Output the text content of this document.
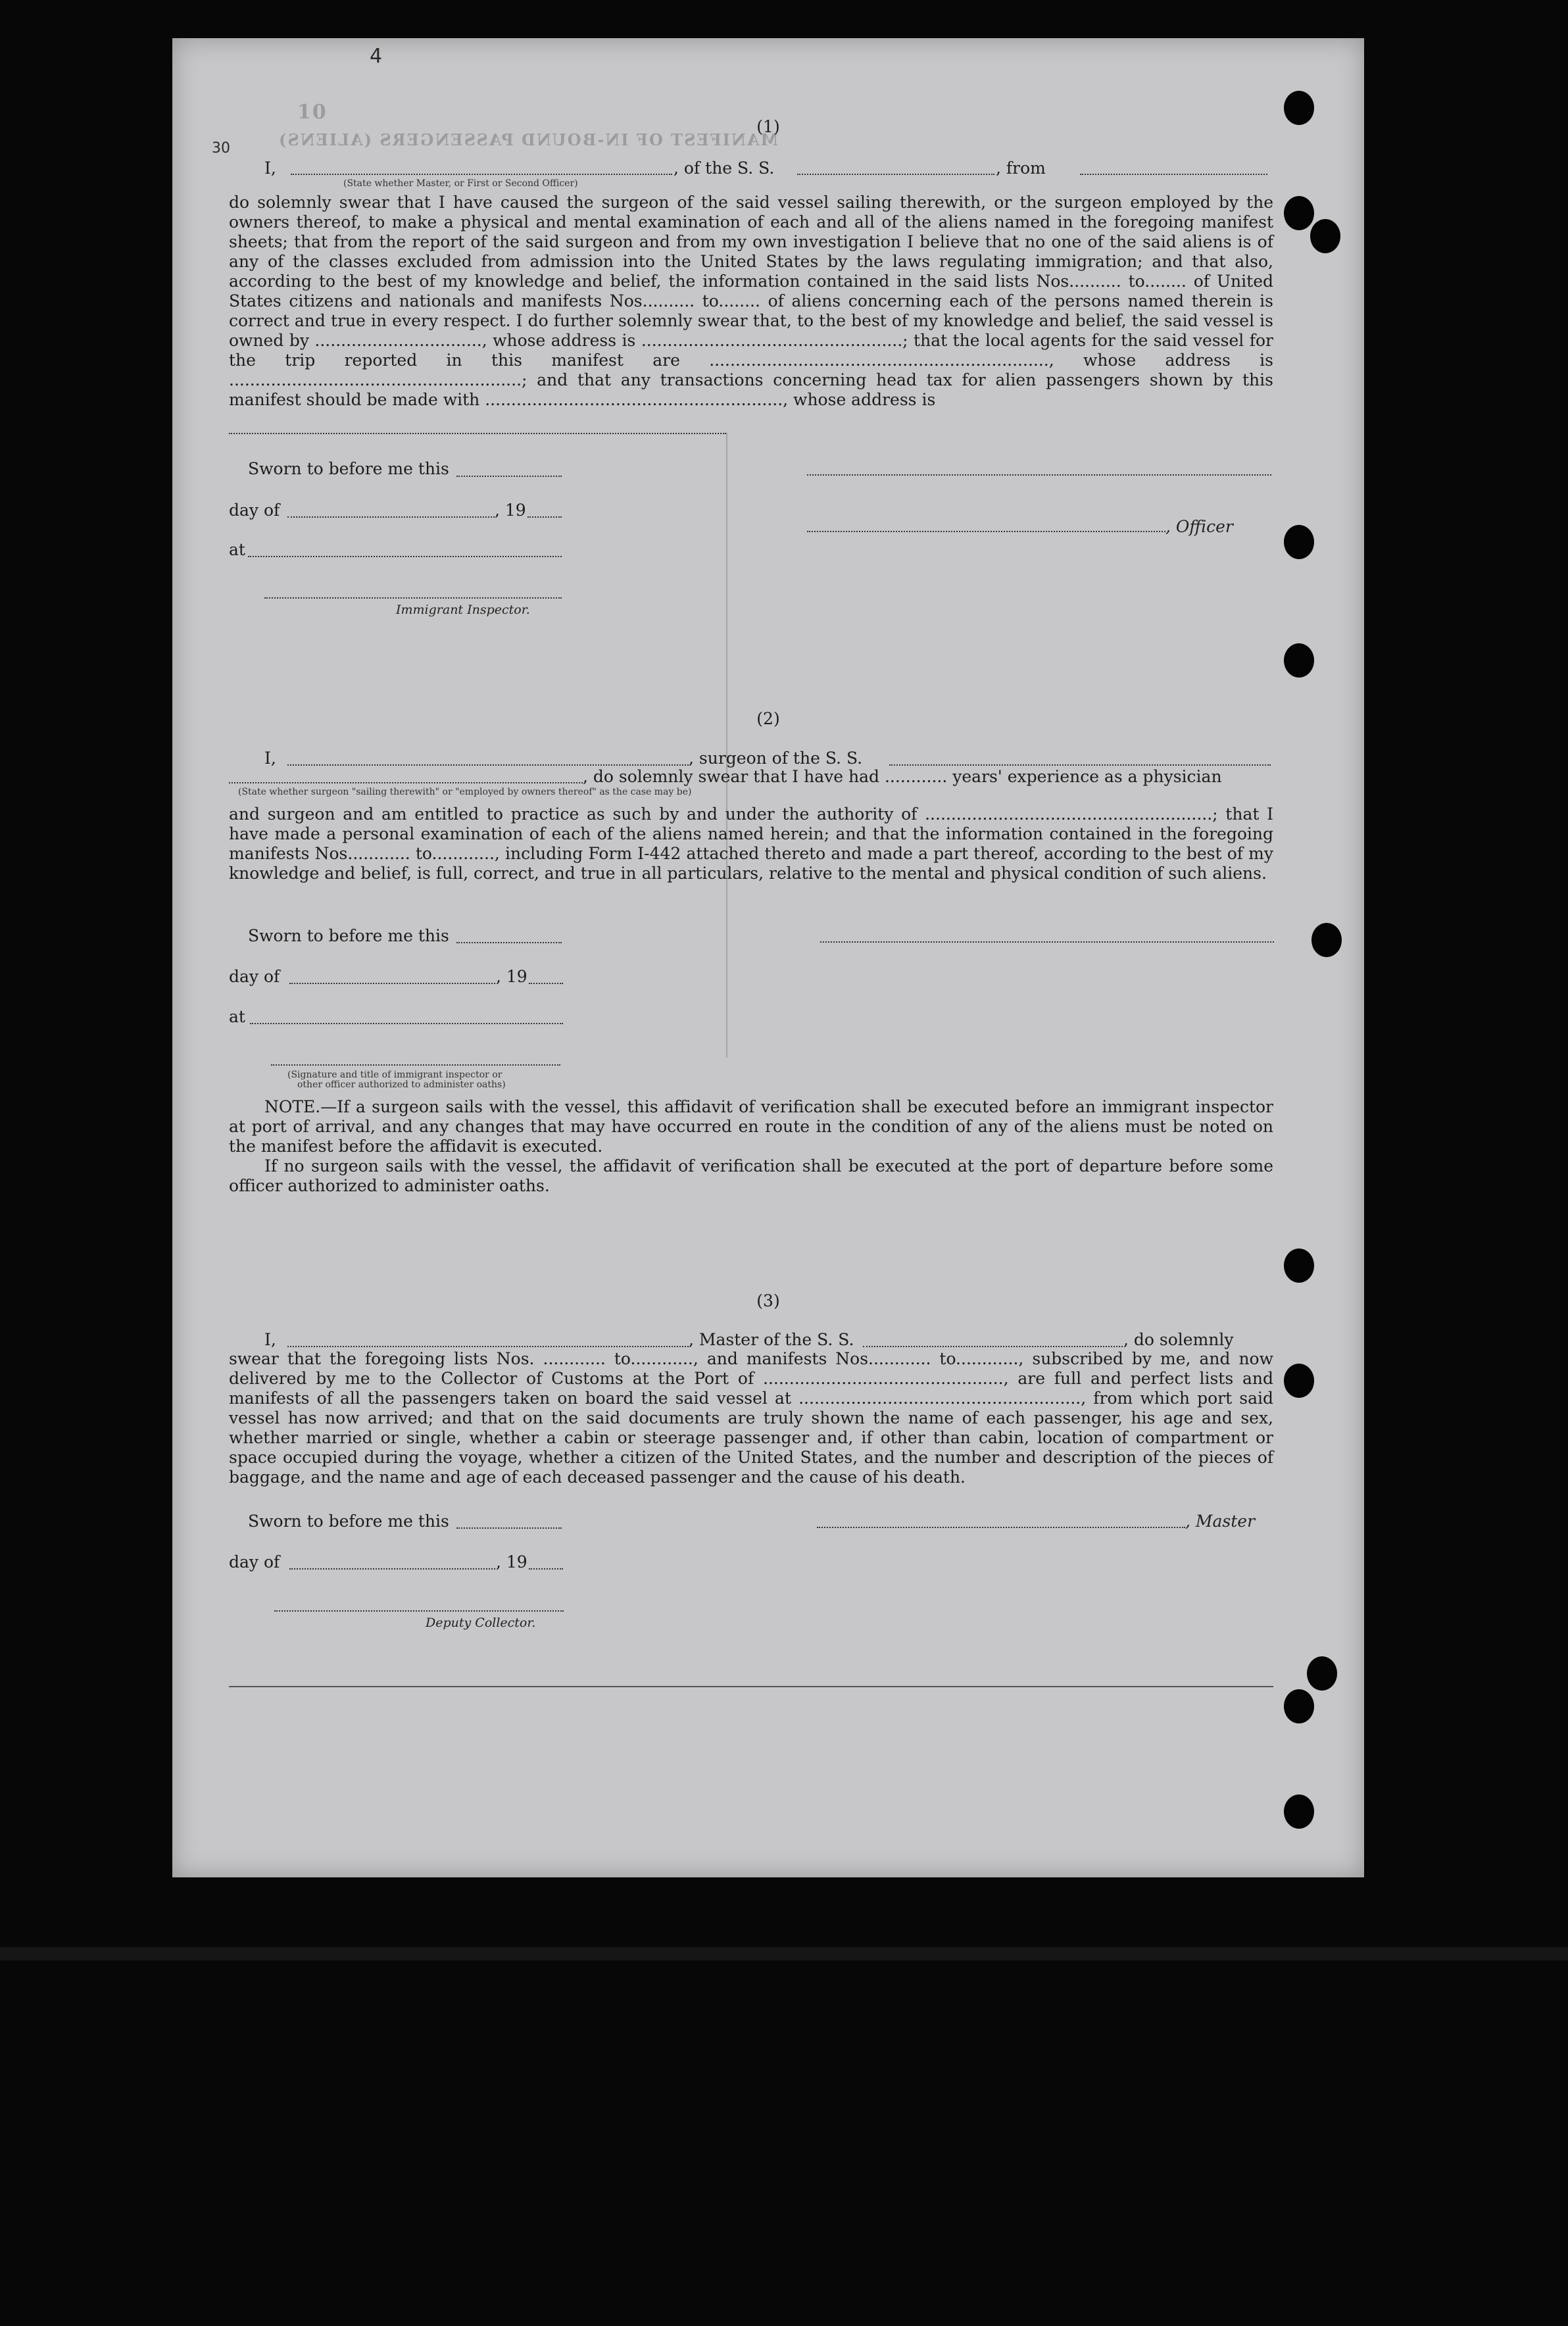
10
MANIFEST OF IN-BOUND PASSENGERS (ALIENS)
4
30
(1)
I,	, of the S. S.	, from
(State whether Master, or First or Second Officer)
do solemnly swear that I have caused the surgeon of the said vessel sailing therewith, or the surgeon employed by the owners thereof, to make a physical and mental examination of each and all of the aliens named in the foregoing manifest sheets; that from the report of the said surgeon and from my own investigation I believe that no one of the said aliens is of any of the classes excluded from admission into the United States by the laws regulating immigration; and that also, according to the best of my knowledge and belief, the information contained in the said lists Nos.......... to........ of United States citizens and nationals and manifests Nos.......... to........ of aliens concerning each of the persons named therein is correct and true in every respect. I do further solemnly swear that, to the best of my knowledge and belief, the said vessel is owned by ................................, whose address is ..................................................; that the local agents for the said vessel for the trip reported in this manifest are ................................................................., whose address is ........................................................; and that any transactions concerning head tax for alien passengers shown by this manifest should be made with ........................................................., whose address is
Sworn to before me this
day of	, 19
, Officer
at
Immigrant Inspector.
(2)
I,	, surgeon of the S. S.
, do solemnly swear that I have had ............ years' experience as a physician
(State whether surgeon "sailing therewith" or "employed by owners thereof" as the case may be)
and surgeon and am entitled to practice as such by and under the authority of .......................................................; that I have made a personal examination of each of the aliens named herein; and that the information contained in the foregoing manifests Nos............ to............, including Form I-442 attached thereto and made a part thereof, according to the best of my knowledge and belief, is full, correct, and true in all particulars, relative to the mental and physical condition of such aliens.
Sworn to before me this
day of	, 19
at
(Signature and title of immigrant inspector or
other officer authorized to administer oaths)
NOTE.—If a surgeon sails with the vessel, this affidavit of verification shall be executed before an immigrant inspector at port of arrival, and any changes that may have occurred en route in the condition of any of the aliens must be noted on the manifest before the affidavit is executed.
If no surgeon sails with the vessel, the affidavit of verification shall be executed at the port of departure before some officer authorized to administer oaths.
(3)
I,	, Master of the S. S.	, do solemnly
swear that the foregoing lists Nos. ............ to............, and manifests Nos............ to............, subscribed by me, and now delivered by me to the Collector of Customs at the Port of .............................................., are full and perfect lists and manifests of all the passengers taken on board the said vessel at ......................................................, from which port said vessel has now arrived; and that on the said documents are truly shown the name of each passenger, his age and sex, whether married or single, whether a cabin or steerage passenger and, if other than cabin, location of compartment or space occupied during the voyage, whether a citizen of the United States, and the number and description of the pieces of baggage, and the name and age of each deceased passenger and the cause of his death.
Sworn to before me this	, Master
day of	, 19
Deputy Collector.
